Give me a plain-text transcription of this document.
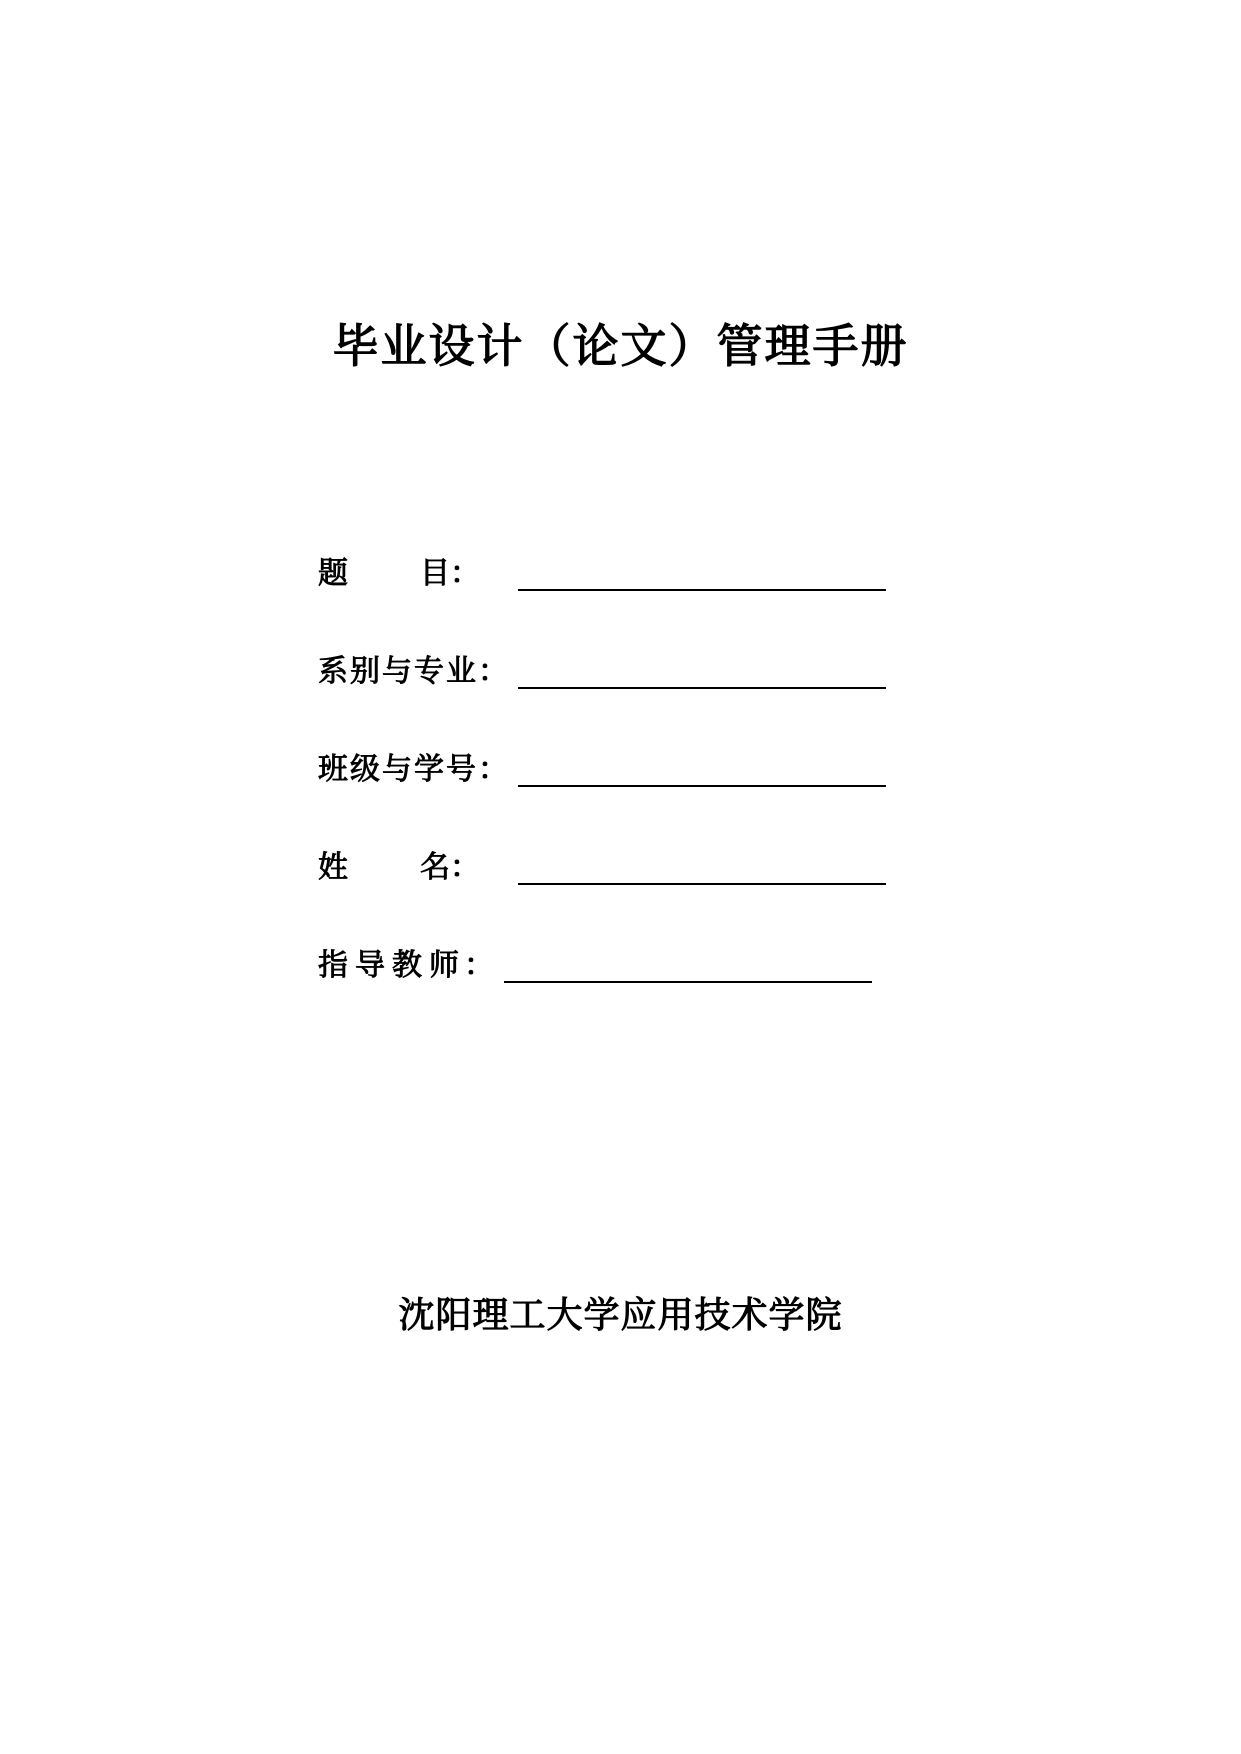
毕业设计（论文）管理手册
题 目 ：
系别与专业 ：
班级与学号 ：
姓 名 ：
指导教师
：
沈阳理工大学应用技术学院
